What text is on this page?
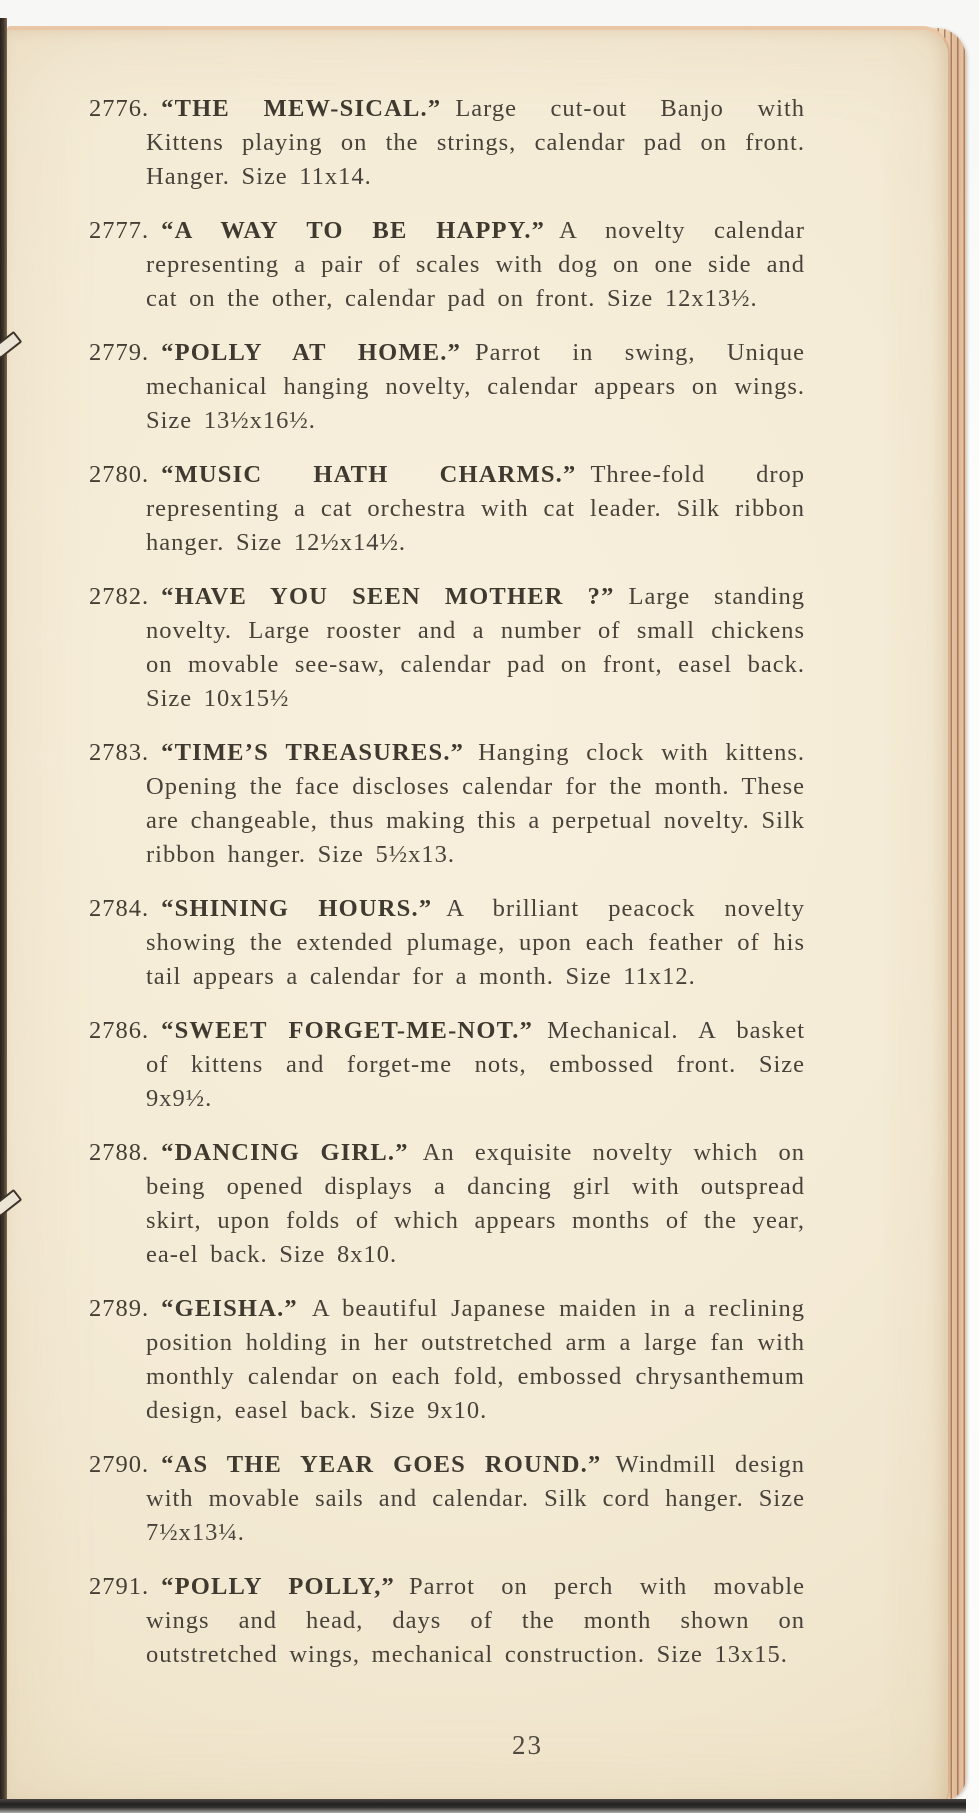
2776. “THE MEW-SICAL.” Large cut-out Banjo with Kittens playing on the strings, calendar pad on front. Hanger. Size 11x14.

2777. “A WAY TO BE HAPPY.” A novelty calendar representing a pair of scales with dog on one side and cat on the other, calendar pad on front. Size 12x13½.

2779. “POLLY AT HOME.” Parrot in swing, Unique mechanical hanging novelty, calendar appears on wings. Size 13½x16½.

2780. “MUSIC HATH CHARMS.” Three-fold drop representing a cat orchestra with cat leader. Silk ribbon hanger. Size 12½x14½.

2782. “HAVE YOU SEEN MOTHER ?” Large standing novelty. Large rooster and a number of small chickens on movable see-saw, calendar pad on front, easel back. Size 10x15½

2783. “TIME’S TREASURES.” Hanging clock with kittens. Opening the face discloses calendar for the month. These are changeable, thus making this a perpetual novelty. Silk ribbon hanger. Size 5½x13.

2784. “SHINING HOURS.” A brilliant peacock novelty showing the extended plumage, upon each feather of his tail appears a calendar for a month. Size 11x12.

2786. “SWEET FORGET-ME-NOT.” Mechanical. A basket of kittens and forget-me nots, embossed front. Size 9x9½.

2788. “DANCING GIRL.” An exquisite novelty which on being opened displays a dancing girl with outspread skirt, upon folds of which appears months of the year, ea-el back. Size 8x10.

2789. “GEISHA.” A beautiful Japanese maiden in a reclining position holding in her outstretched arm a large fan with monthly calendar on each fold, embossed chrysanthemum design, easel back. Size 9x10.

2790. “AS THE YEAR GOES ROUND.” Windmill design with movable sails and calendar. Silk cord hanger. Size 7½x13¼.

2791. “POLLY POLLY,” Parrot on perch with movable wings and head, days of the month shown on outstretched wings, mechanical construction. Size 13x15.

23
